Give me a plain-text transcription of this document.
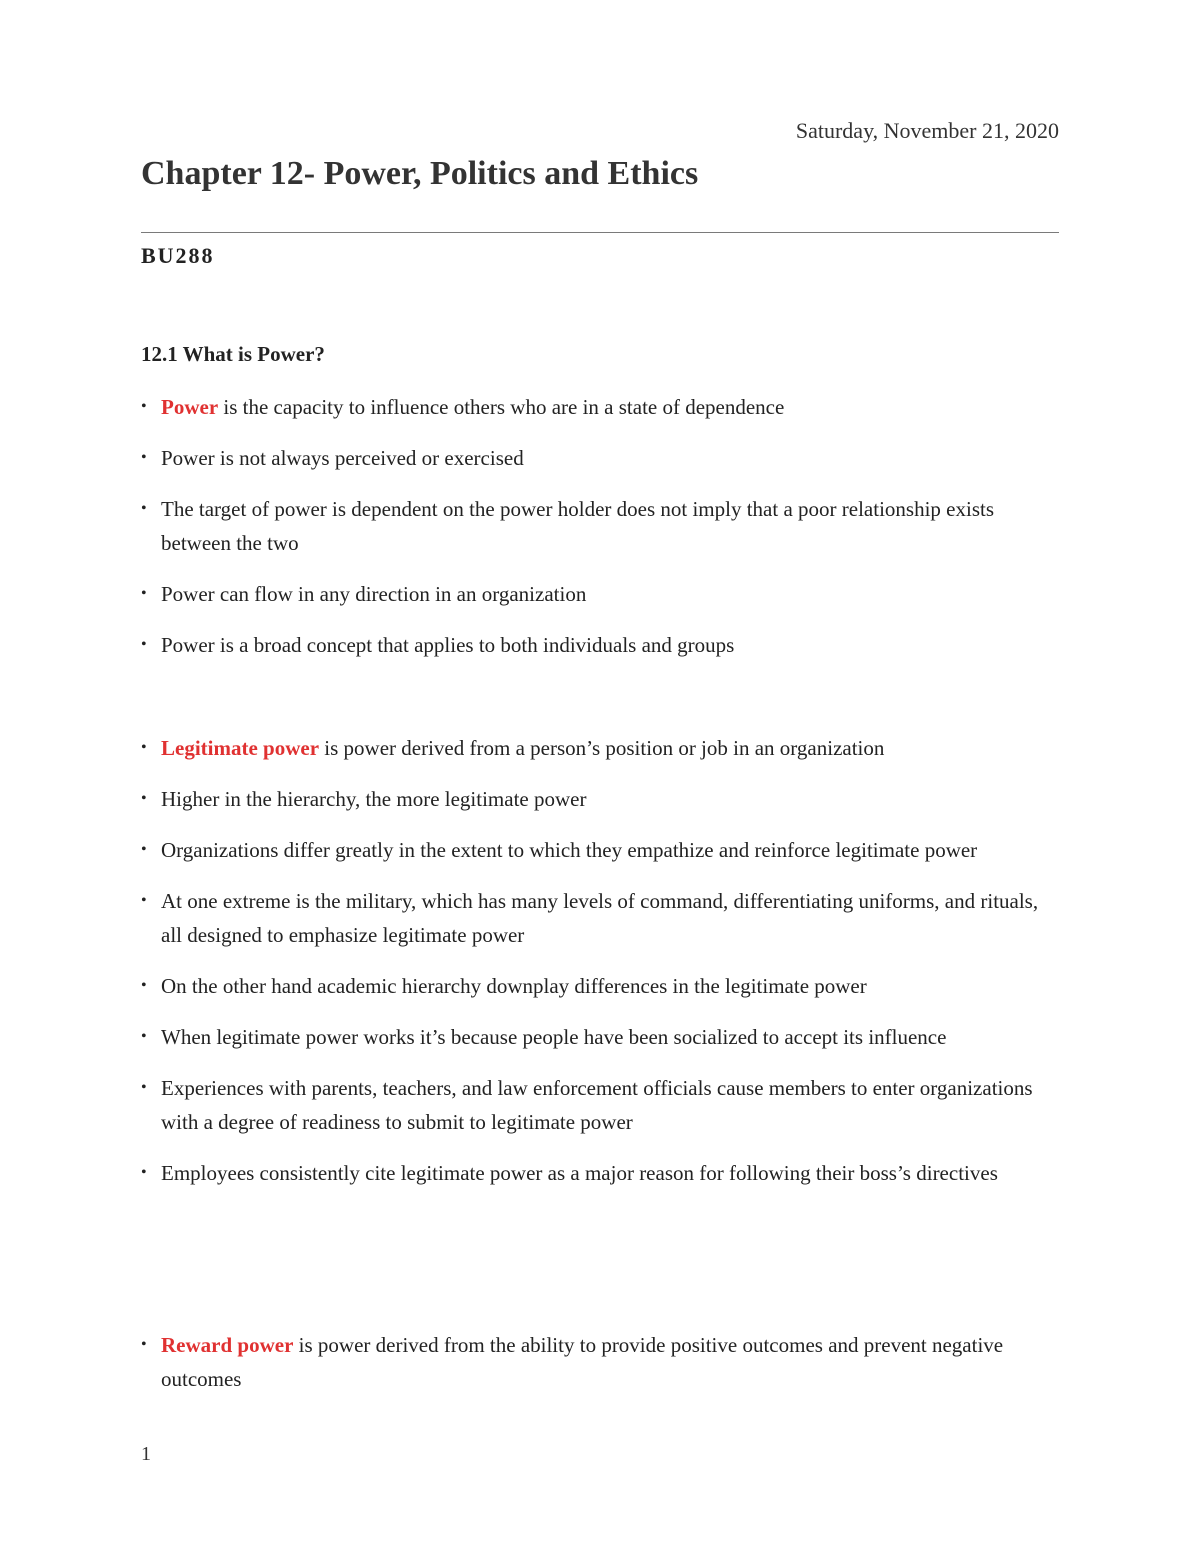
Saturday, November 21, 2020
Chapter 12- Power, Politics and Ethics
BU288
12.1 What is Power?
• Power is the capacity to influence others who are in a state of dependence
• Power is not always perceived or exercised
• The target of power is dependent on the power holder does not imply that a poor relationship exists between the two
• Power can flow in any direction in an organization
• Power is a broad concept that applies to both individuals and groups
• Legitimate power is power derived from a person’s position or job in an organization
• Higher in the hierarchy, the more legitimate power
• Organizations differ greatly in the extent to which they empathize and reinforce legitimate power
• At one extreme is the military, which has many levels of command, differentiating uniforms, and rituals, all designed to emphasize legitimate power
• On the other hand academic hierarchy downplay differences in the legitimate power
• When legitimate power works it’s because people have been socialized to accept its influence
• Experiences with parents, teachers, and law enforcement officials cause members to enter organizations with a degree of readiness to submit to legitimate power
• Employees consistently cite legitimate power as a major reason for following their boss’s directives
• Reward power is power derived from the ability to provide positive outcomes and prevent negative outcomes
1
